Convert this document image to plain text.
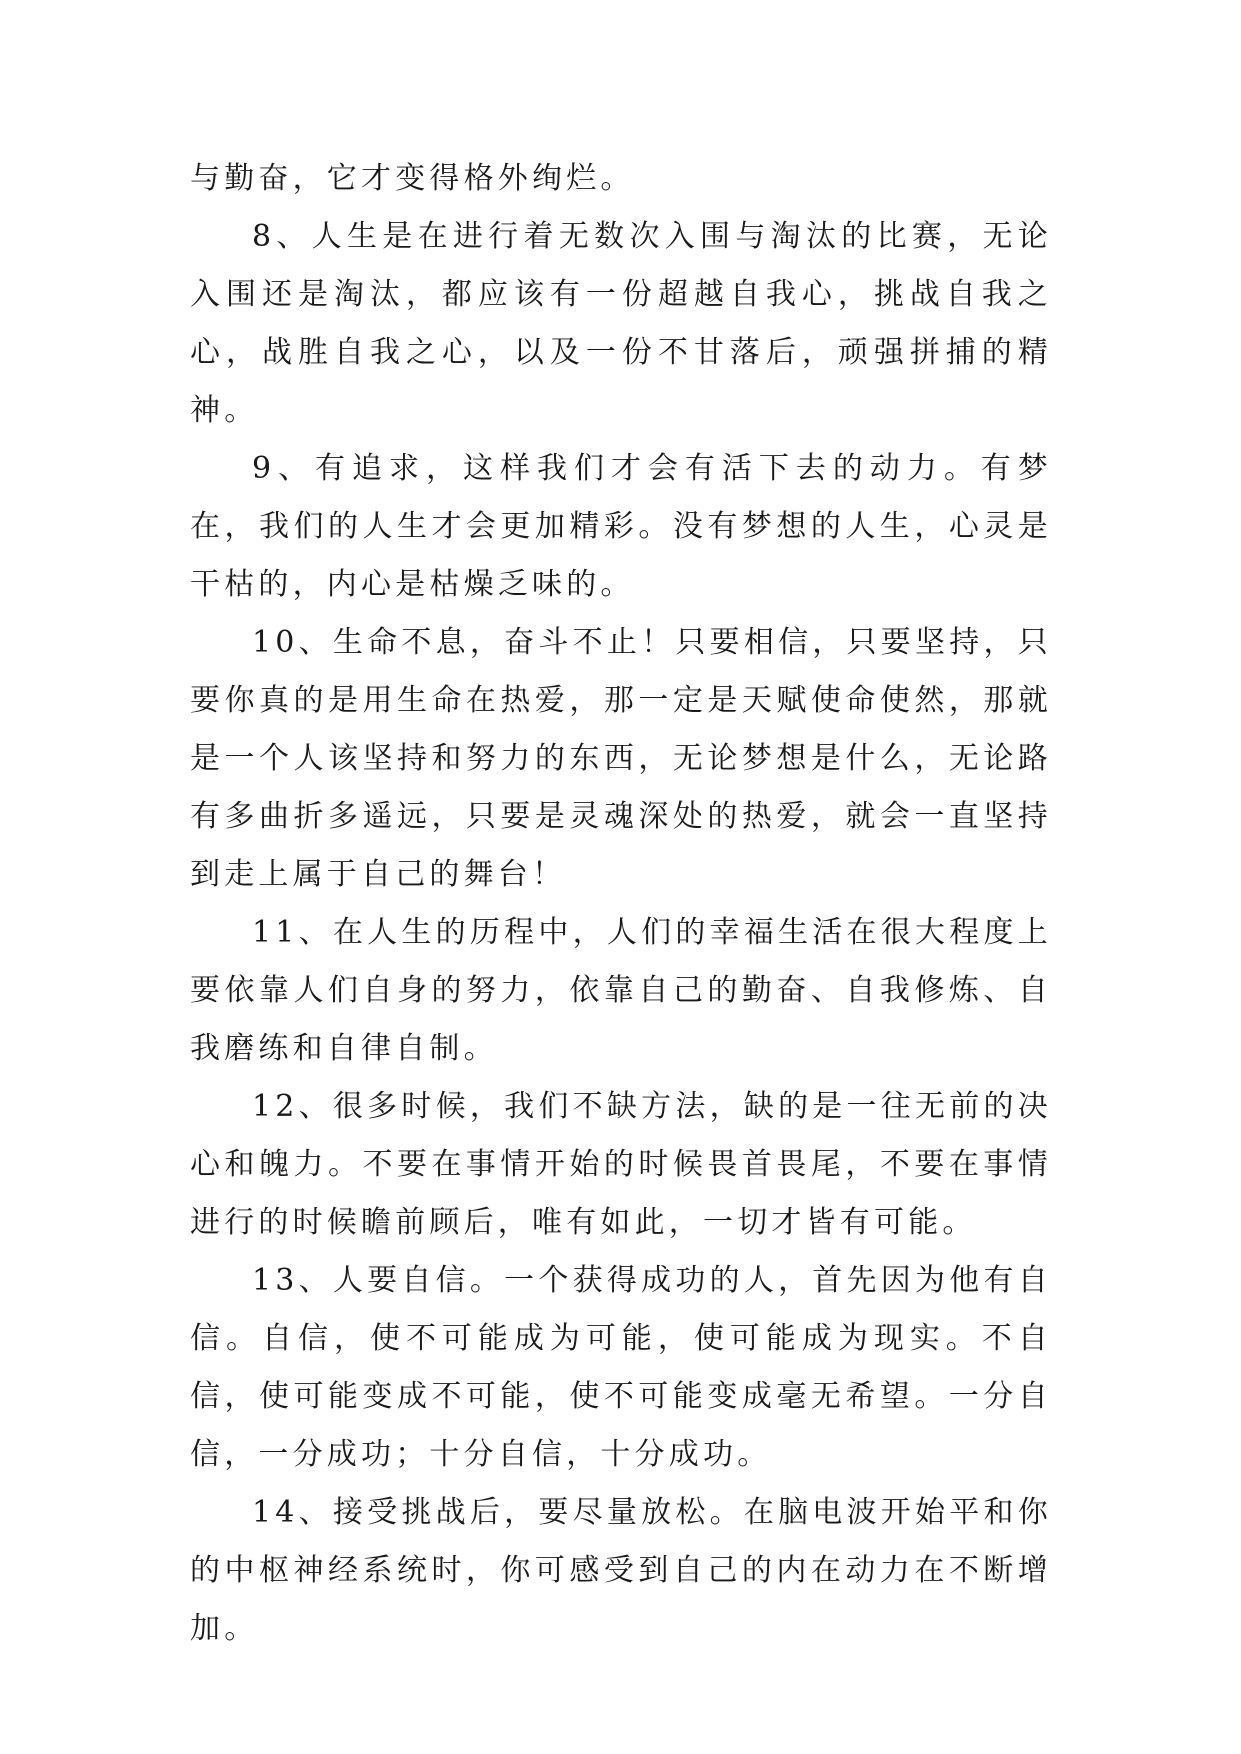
与勤奋，它才变得格外绚烂。

8、人生是在进行着无数次入围与淘汰的比赛，无论入围还是淘汰，都应该有一份超越自我心，挑战自我之心，战胜自我之心，以及一份不甘落后，顽强拼捕的精神。

9、有追求，这样我们才会有活下去的动力。有梦在，我们的人生才会更加精彩。没有梦想的人生，心灵是干枯的，内心是枯燥乏味的。

10、生命不息，奋斗不止！只要相信，只要坚持，只要你真的是用生命在热爱，那一定是天赋使命使然，那就是一个人该坚持和努力的东西，无论梦想是什么，无论路有多曲折多遥远，只要是灵魂深处的热爱，就会一直坚持到走上属于自己的舞台！

11、在人生的历程中，人们的幸福生活在很大程度上要依靠人们自身的努力，依靠自己的勤奋、自我修炼、自我磨练和自律自制。

12、很多时候，我们不缺方法，缺的是一往无前的决心和魄力。不要在事情开始的时候畏首畏尾，不要在事情进行的时候瞻前顾后，唯有如此，一切才皆有可能。

13、人要自信。一个获得成功的人，首先因为他有自信。自信，使不可能成为可能，使可能成为现实。不自信，使可能变成不可能，使不可能变成毫无希望。一分自信，一分成功；十分自信，十分成功。

14、接受挑战后，要尽量放松。在脑电波开始平和你的中枢神经系统时，你可感受到自己的内在动力在不断增加。
